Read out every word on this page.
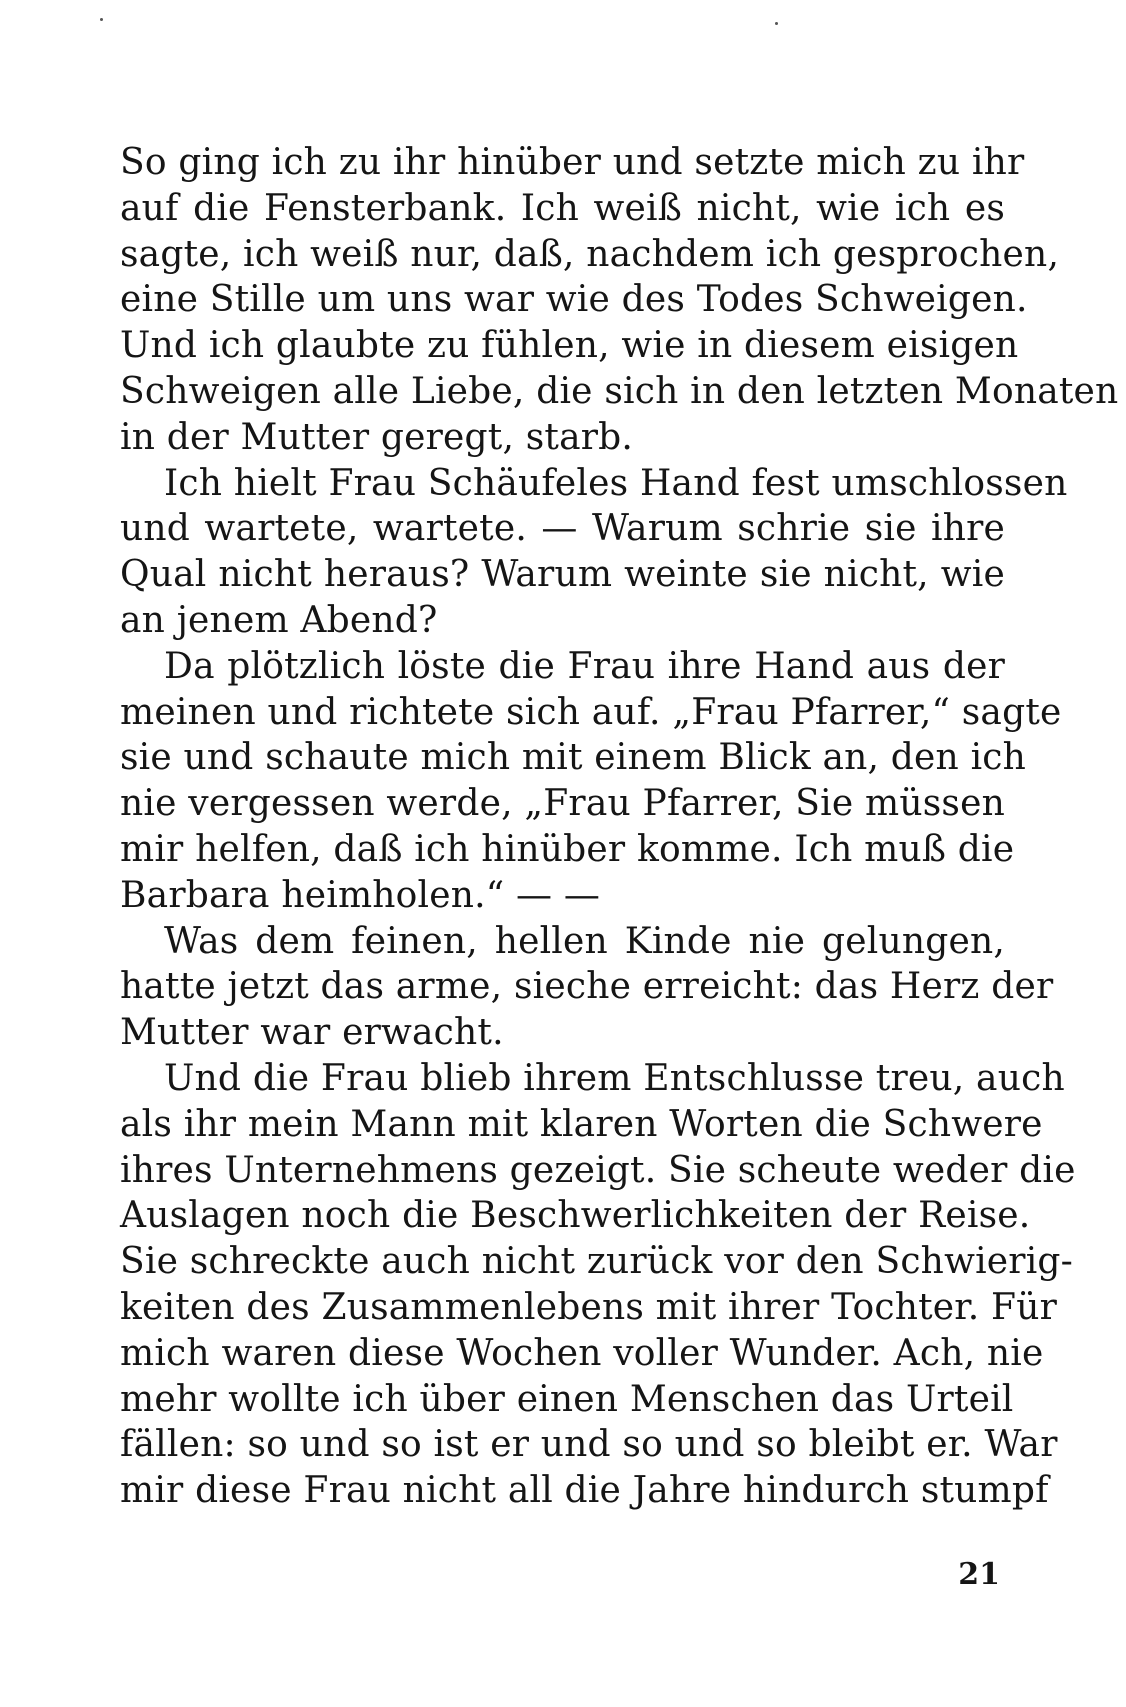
So ging ich zu ihr hinüber und setzte mich zu ihr
auf die Fensterbank. Ich weiß nicht, wie ich es
sagte, ich weiß nur, daß, nachdem ich gesprochen,
eine Stille um uns war wie des Todes Schweigen.
Und ich glaubte zu fühlen, wie in diesem eisigen
Schweigen alle Liebe, die sich in den letzten Monaten
in der Mutter geregt, starb.
Ich hielt Frau Schäufeles Hand fest umschlossen
und wartete, wartete. — Warum schrie sie ihre
Qual nicht heraus? Warum weinte sie nicht, wie
an jenem Abend?
Da plötzlich löste die Frau ihre Hand aus der
meinen und richtete sich auf. „Frau Pfarrer,“ sagte
sie und schaute mich mit einem Blick an, den ich
nie vergessen werde, „Frau Pfarrer, Sie müssen
mir helfen, daß ich hinüber komme. Ich muß die
Barbara heimholen.“ — —
Was dem feinen, hellen Kinde nie gelungen,
hatte jetzt das arme, sieche erreicht: das Herz der
Mutter war erwacht.
Und die Frau blieb ihrem Entschlusse treu, auch
als ihr mein Mann mit klaren Worten die Schwere
ihres Unternehmens gezeigt. Sie scheute weder die
Auslagen noch die Beschwerlichkeiten der Reise.
Sie schreckte auch nicht zurück vor den Schwierig-
keiten des Zusammenlebens mit ihrer Tochter. Für
mich waren diese Wochen voller Wunder. Ach, nie
mehr wollte ich über einen Menschen das Urteil
fällen: so und so ist er und so und so bleibt er. War
mir diese Frau nicht all die Jahre hindurch stumpf
21
